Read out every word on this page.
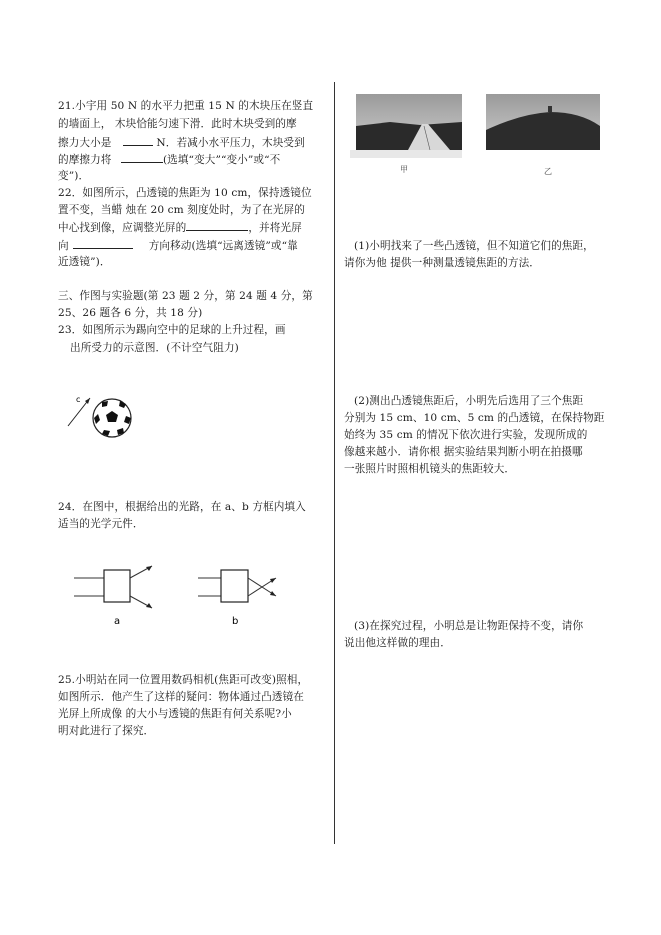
21.小宇用 50 N 的水平力把重 15 N 的木块压在竖直
的墙面上， 木块恰能匀速下滑．此时木块受到的摩
擦力大小是	N．若减小水平压力，木块受到
的摩擦力将	(选填“变大”“变小”或“不
变”)．
22．如图所示，凸透镜的焦距为 10 cm，保持透镜位
置不变，当蜡 烛在 20 cm 刻度处时，为了在光屏的
中心找到像，应调整光屏的	，并将光屏
向	方向移动(选填“远离透镜”或“靠
近透镜”)．
三、作图与实验题(第 23 题 2 分，第 24 题 4 分，第
25、26 题各 6 分，共 18 分)
23．如图所示为踢向空中的足球的上升过程，画
出所受力的示意图．(不计空气阻力)
c
24．在图中，根据给出的光路，在 a、b 方框内填入
适当的光学元件．
a	b
25.小明站在同一位置用数码相机(焦距可改变)照相，
如图所示．他产生了这样的疑问：物体通过凸透镜在
光屏上所成像 的大小与透镜的焦距有何关系呢?小
明对此进行了探究．
甲	乙
(1)小明找来了一些凸透镜，但不知道它们的焦距，
请你为他 提供一种测量透镜焦距的方法．
(2)测出凸透镜焦距后，小明先后选用了三个焦距
分别为 15 cm、10 cm、5 cm 的凸透镜，在保持物距
始终为 35 cm 的情况下依次进行实验，发现所成的
像越来越小．请你根 据实验结果判断小明在拍摄哪
一张照片时照相机镜头的焦距较大．
(3)在探究过程，小明总是让物距保持不变，请你
说出他这样做的理由．
